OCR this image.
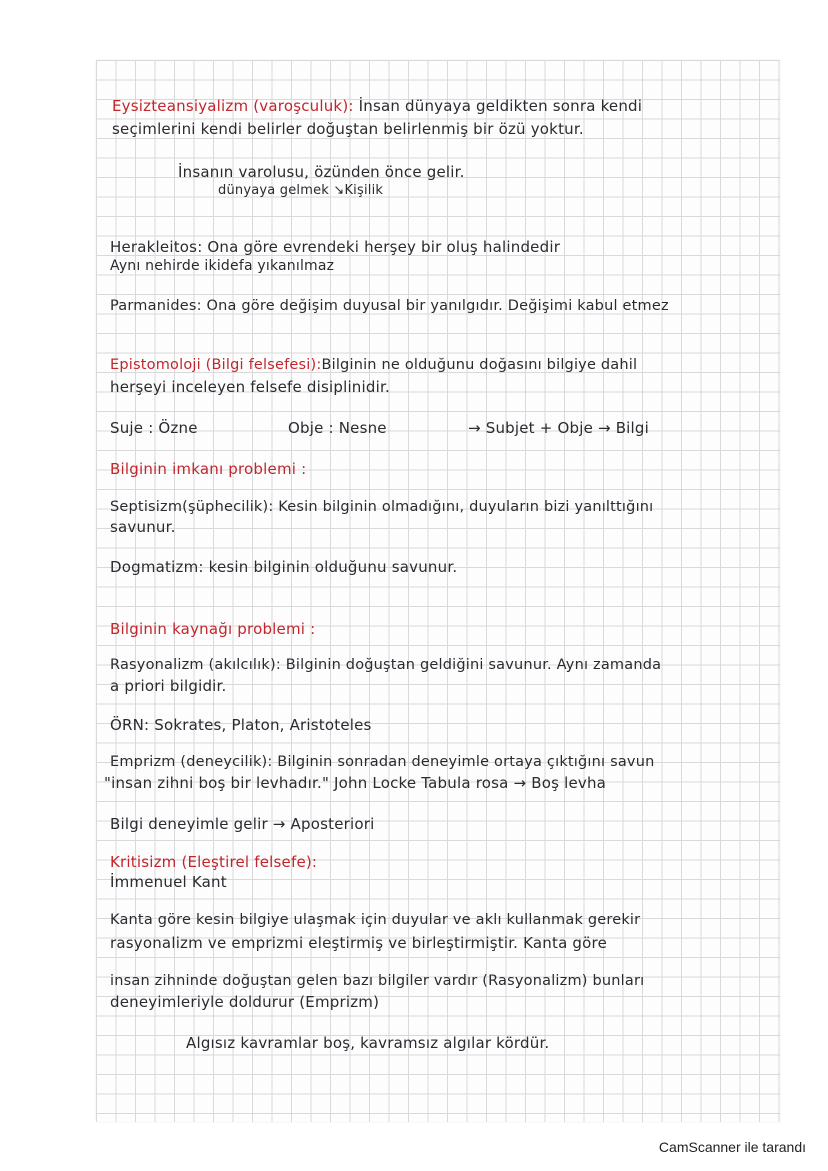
Eysizteansiyalizm (varoşculuk): İnsan dünyaya geldikten sonra kendi
seçimlerini kendi belirler doğuştan belirlenmiş bir özü yoktur.
İnsanın varolusu, özünden önce gelir.
dünyaya gelmek ↘Kişilik
Herakleitos: Ona göre evrendeki herşey bir oluş halindedir
Aynı nehirde ikidefa yıkanılmaz
Parmanides: Ona göre değişim duyusal bir yanılgıdır. Değişimi kabul etmez
Epistomoloji (Bilgi felsefesi):Bilginin ne olduğunu doğasını bilgiye dahil
herşeyi inceleyen felsefe disiplinidir.
Suje : Özne	Obje : Nesne	→ Subjet + Obje → Bilgi
Bilginin imkanı problemi :
Septisizm(şüphecilik): Kesin bilginin olmadığını, duyuların bizi yanılttığını
savunur.
Dogmatizm: kesin bilginin olduğunu savunur.
Bilginin kaynağı problemi :
Rasyonalizm (akılcılık): Bilginin doğuştan geldiğini savunur. Aynı zamanda
a priori bilgidir.
ÖRN: Sokrates, Platon, Aristoteles
Emprizm (deneycilik): Bilginin sonradan deneyimle ortaya çıktığını savun
"insan zihni boş bir levhadır." John Locke Tabula rosa → Boş levha
Bilgi deneyimle gelir → Aposteriori
Kritisizm (Eleştirel felsefe):
İmmenuel Kant
Kanta göre kesin bilgiye ulaşmak için duyular ve aklı kullanmak gerekir
rasyonalizm ve emprizmi eleştirmiş ve birleştirmiştir. Kanta göre
insan zihninde doğuştan gelen bazı bilgiler vardır (Rasyonalizm) bunları
deneyimleriyle doldurur (Emprizm)
Algısız kavramlar boş, kavramsız algılar kördür.
CamScanner ile tarandı
